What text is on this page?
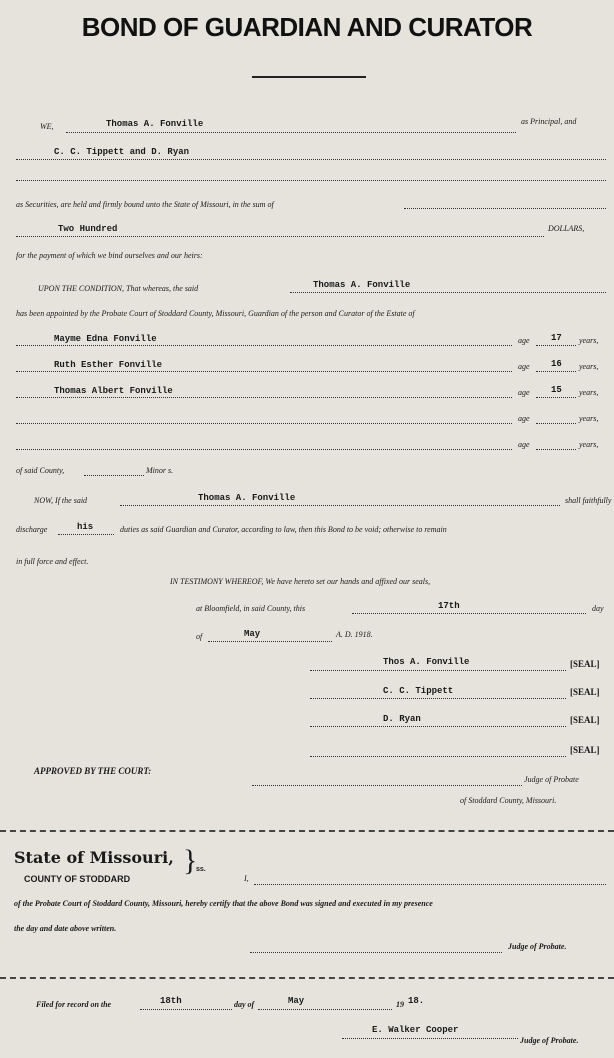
BOND OF GUARDIAN AND CURATOR
WE,	Thomas A. Fonville	as Principal, and
C. C. Tippett and D. Ryan
as Securities, are held and firmly bound unto the State of Missouri, in the sum of
Two Hundred	DOLLARS,
for the payment of which we bind ourselves and our heirs:
UPON THE CONDITION, That whereas, the said	Thomas A. Fonville
has been appointed by the Probate Court of Stoddard County, Missouri, Guardian of the person and Curator of the Estate of
Mayme Edna Fonville	age 17 years,
Ruth Esther Fonville	age 16 years,
Thomas Albert Fonville	age 15 years,
age	years,
age	years,
of said County,	Minor s.
NOW, If the said	Thomas A. Fonville	shall faithfully
discharge	his	duties as said Guardian and Curator, according to law, then this Bond to be void; otherwise to remain
in full force and effect.
IN TESTIMONY WHEREOF, We have hereto set our hands and affixed our seals,
at Bloomfield, in said County, this	17th	day
of	May	A. D. 1918.
Thos A. Fonville	[SEAL]
C. C. Tippett	[SEAL]
D. Ryan	[SEAL]
[SEAL]
APPROVED BY THE COURT:
Judge of Probate
of Stoddard County, Missouri.
State of Missouri, }
ss.
COUNTY OF STODDARD	I,
of the Probate Court of Stoddard County, Missouri, hereby certify that the above Bond was signed and executed in my presence
the day and date above written.
Judge of Probate.
Filed for record on the	18th	day of	May	19 18.
E. Walker Cooper
Judge of Probate.
